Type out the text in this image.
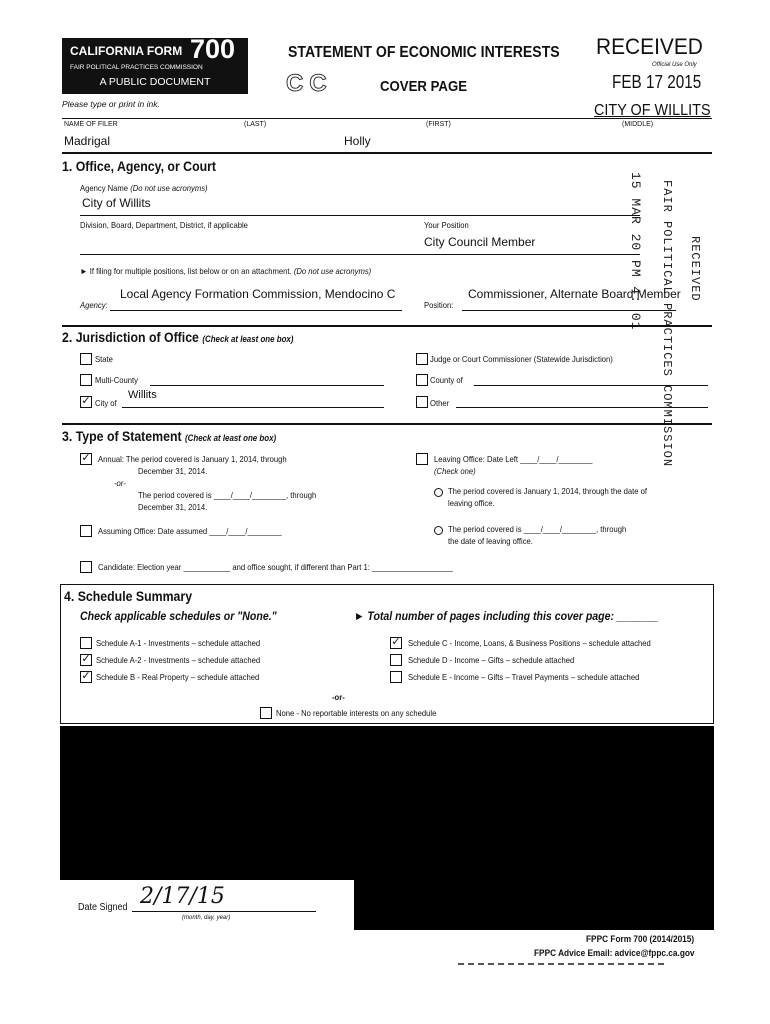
CALIFORNIA FORM 700
FAIR POLITICAL PRACTICES COMMISSION
A PUBLIC DOCUMENT
Please type or print in ink.
STATEMENT OF ECONOMIC INTERESTS
CC	COVER PAGE
RECEIVED
Official Use Only
FEB 17 2015
CITY OF WILLITS
NAME OF FILER	(LAST)	(FIRST)	(MIDDLE)
Madrigal	Holly
1. Office, Agency, or Court
Agency Name (Do not use acronyms)
City of Willits
Division, Board, Department, District, if applicable	Your Position
City Council Member
► If filing for multiple positions, list below or on an attachment. (Do not use acronyms)
Local Agency Formation Commission, Mendocino C
Agency:	Position:
Commissioner, Alternate Board Member
15 MAR 20 PM 4: 01 FAIR POLITICAL PRACTICES COMMISSION RECEIVED
2. Jurisdiction of Office (Check at least one box)
State
Multi-County
✓ City of
Willits
Judge or Court Commissioner (Statewide Jurisdiction)
County of
Other
3. Type of Statement (Check at least one box)
✓ Annual: The period covered is January 1, 2014, through
December 31, 2014.
-or-
The period covered is ____/____/________, through
December 31, 2014.
Assuming Office: Date assumed ____/____/________
Leaving Office: Date Left ____/____/________
(Check one)
The period covered is January 1, 2014, through the date of
leaving office.
The period covered is ____/____/________, through
the date of leaving office.
Candidate: Election year ___________ and office sought, if different than Part 1: ___________________
4. Schedule Summary
Check applicable schedules or "None."	► Total number of pages including this cover page: _______
Schedule A-1 - Investments – schedule attached
✓ Schedule A-2 - Investments – schedule attached
✓ Schedule B - Real Property – schedule attached
✓ Schedule C - Income, Loans, & Business Positions – schedule attached
Schedule D - Income – Gifts – schedule attached
Schedule E - Income – Gifts – Travel Payments – schedule attached
-or-
None - No reportable interests on any schedule
Date Signed 2/17/15
(month, day, year)
FPPC Form 700 (2014/2015)
FPPC Advice Email: advice@fppc.ca.gov
